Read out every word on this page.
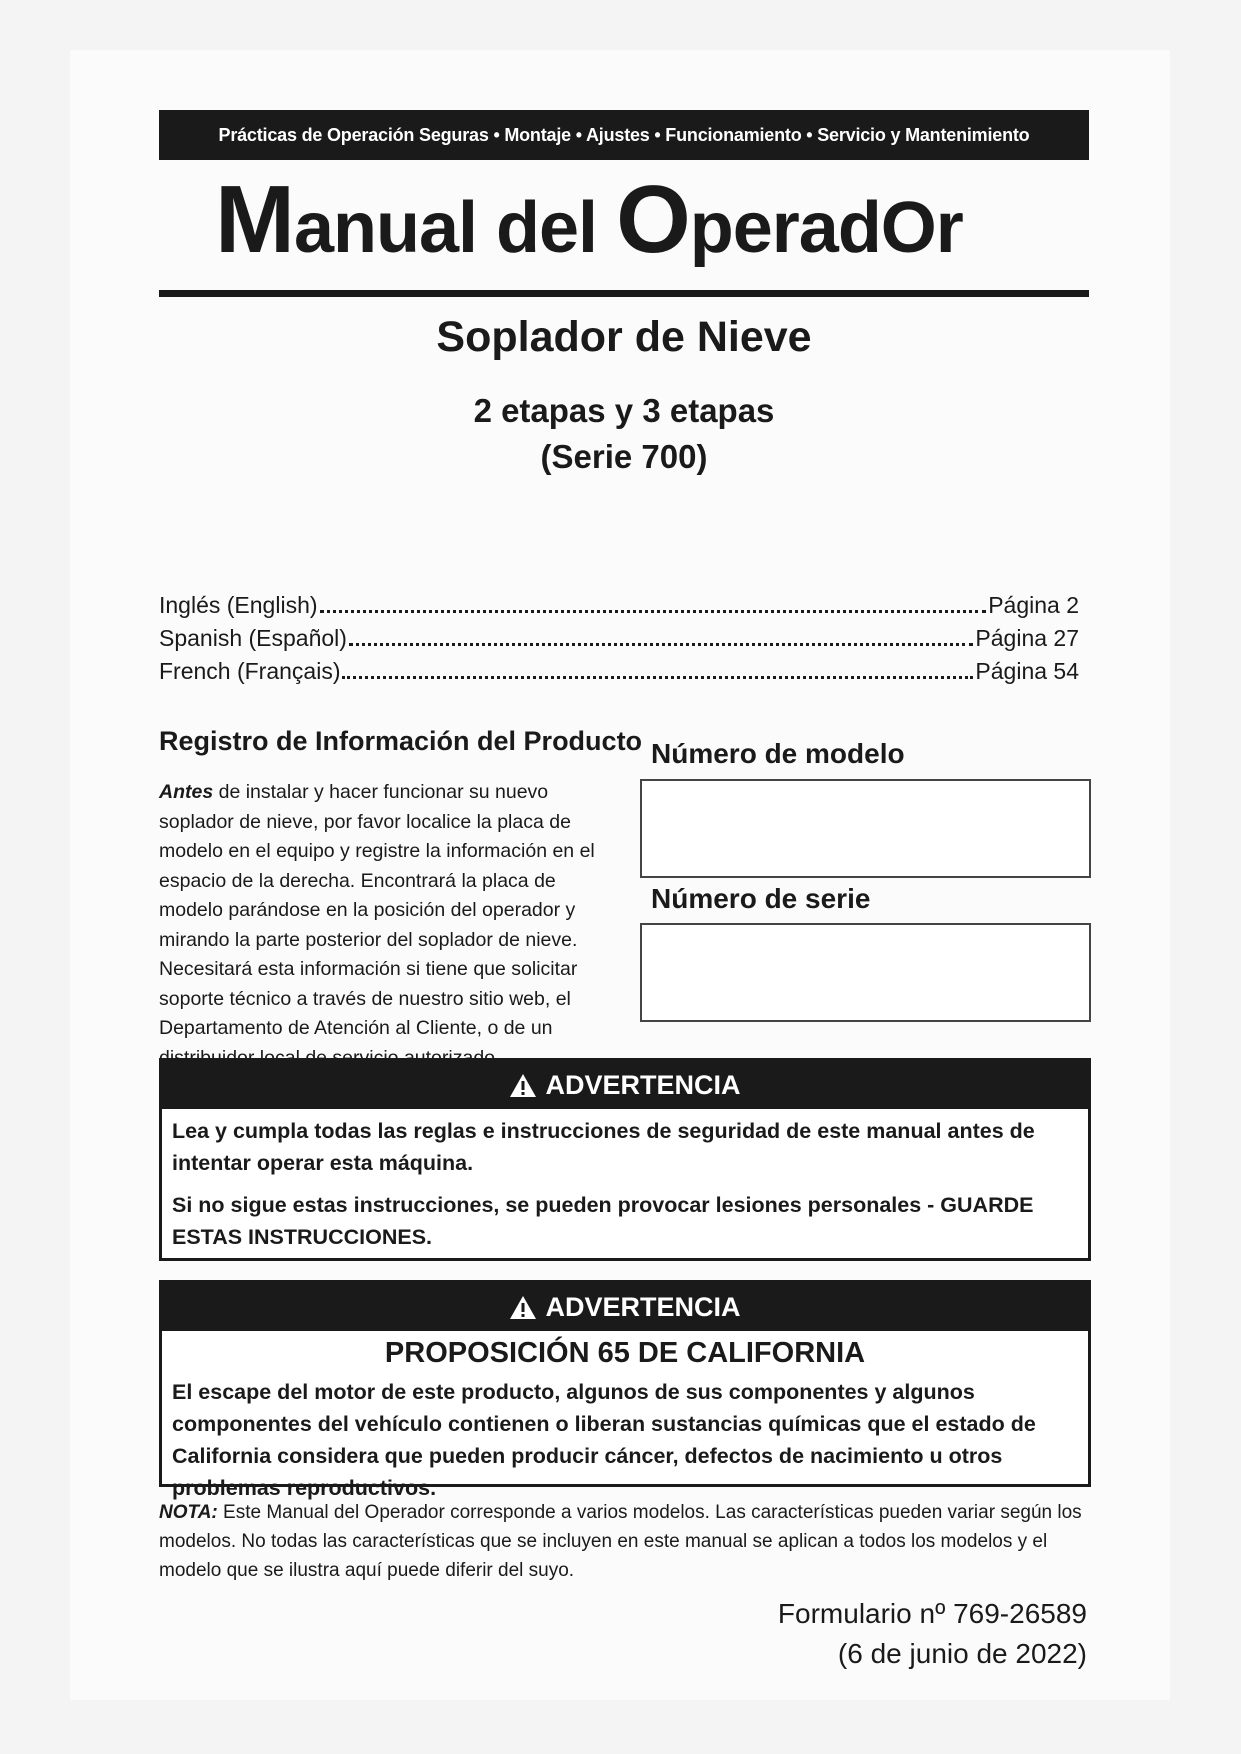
Prácticas de Operación Seguras • Montaje • Ajustes • Funcionamiento • Servicio y Mantenimiento
Manual del OperadOr
Soplador de Nieve
2 etapas y 3 etapas
(Serie 700)
Inglés (English)	Página 2
Spanish (Español)	Página 27
French (Français)	Página 54
Registro de Información del Producto
Antes de instalar y hacer funcionar su nuevo soplador de nieve, por favor localice la placa de modelo en el equipo y registre la información en el espacio de la derecha. Encontrará la placa de modelo parándose en la posición del operador y mirando la parte posterior del soplador de nieve. Necesitará esta información si tiene que solicitar soporte técnico a través de nuestro sitio web, el Departamento de Atención al Cliente, o de un
Número de modelo
Número de serie
ADVERTENCIA
Lea y cumpla todas las reglas e instrucciones de seguridad de este manual antes de intentar operar esta máquina.
Si no sigue estas instrucciones, se pueden provocar lesiones personales - GUARDE ESTAS INSTRUCCIONES.
ADVERTENCIA
PROPOSICIÓN 65 DE CALIFORNIA
El escape del motor de este producto, algunos de sus componentes y algunos componentes del vehículo contienen o liberan sustancias químicas que el estado de California considera que pueden producir cáncer, defectos de nacimiento u otros problemas reproductivos.
NOTA: Este Manual del Operador corresponde a varios modelos. Las características pueden variar según los modelos. No todas las características que se incluyen en este manual se aplican a todos los modelos y el modelo que se ilustra aquí puede diferir del suyo.
Formulario nº 769-26589
(6 de junio de 2022)
